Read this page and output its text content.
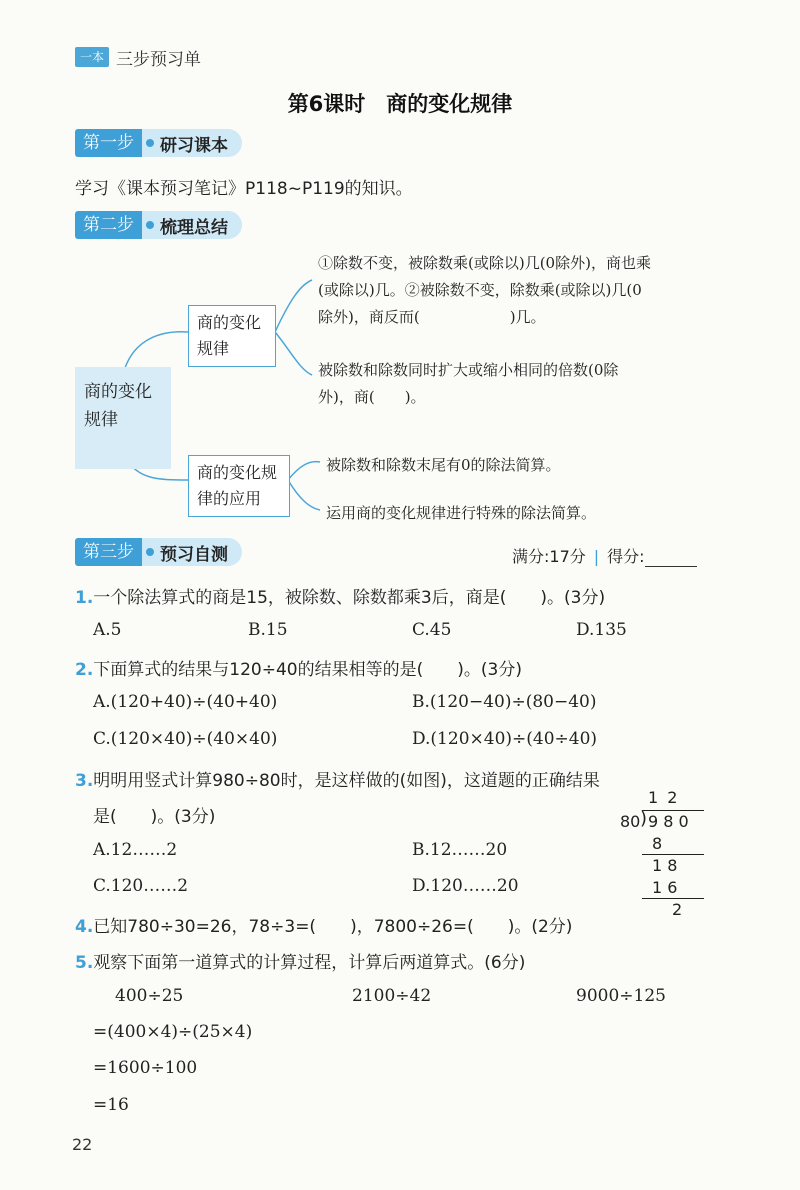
一本 三步预习单
第6课时　商的变化规律
第一步	研习课本
学习《课本预习笔记》P118~P119的知识。
第二步	梳理总结
商的变化
规律
商的变化
规律
商的变化规
律的应用
①除数不变，被除数乘(或除以)几(0除外)，商也乘
(或除以)几。②被除数不变，除数乘(或除以)几(0
除外)，商反而(　　　　　　)几。
被除数和除数同时扩大或缩小相同的倍数(0除
外)，商(　　)。
被除数和除数末尾有0的除法简算。
运用商的变化规律进行特殊的除法简算。
第三步	预习自测	满分:17分 | 得分:
1.一个除法算式的商是15，被除数、除数都乘3后，商是(　　)。(3分)
A.5	B.15	C.45	D.135
2.下面算式的结果与120÷40的结果相等的是(　　)。(3分)
A.(120+40)÷(40+40)	B.(120−40)÷(80−40)
C.(120×40)÷(40×40)	D.(120×40)÷(40÷40)
3.明明用竖式计算980÷80时，是这样做的(如图)，这道题的正确结果
是(　　)。(3分)
A.12……2	B.12……20
C.120……2	D.120……20
1 2
80 ) 9 8 0
8
1 8
1 6
2
4.已知780÷30=26，78÷3=(　　)，7800÷26=(　　)。(2分)
5.观察下面第一道算式的计算过程，计算后两道算式。(6分)
400÷25	2100÷42	9000÷125
=(400×4)÷(25×4)
=1600÷100
=16
22
